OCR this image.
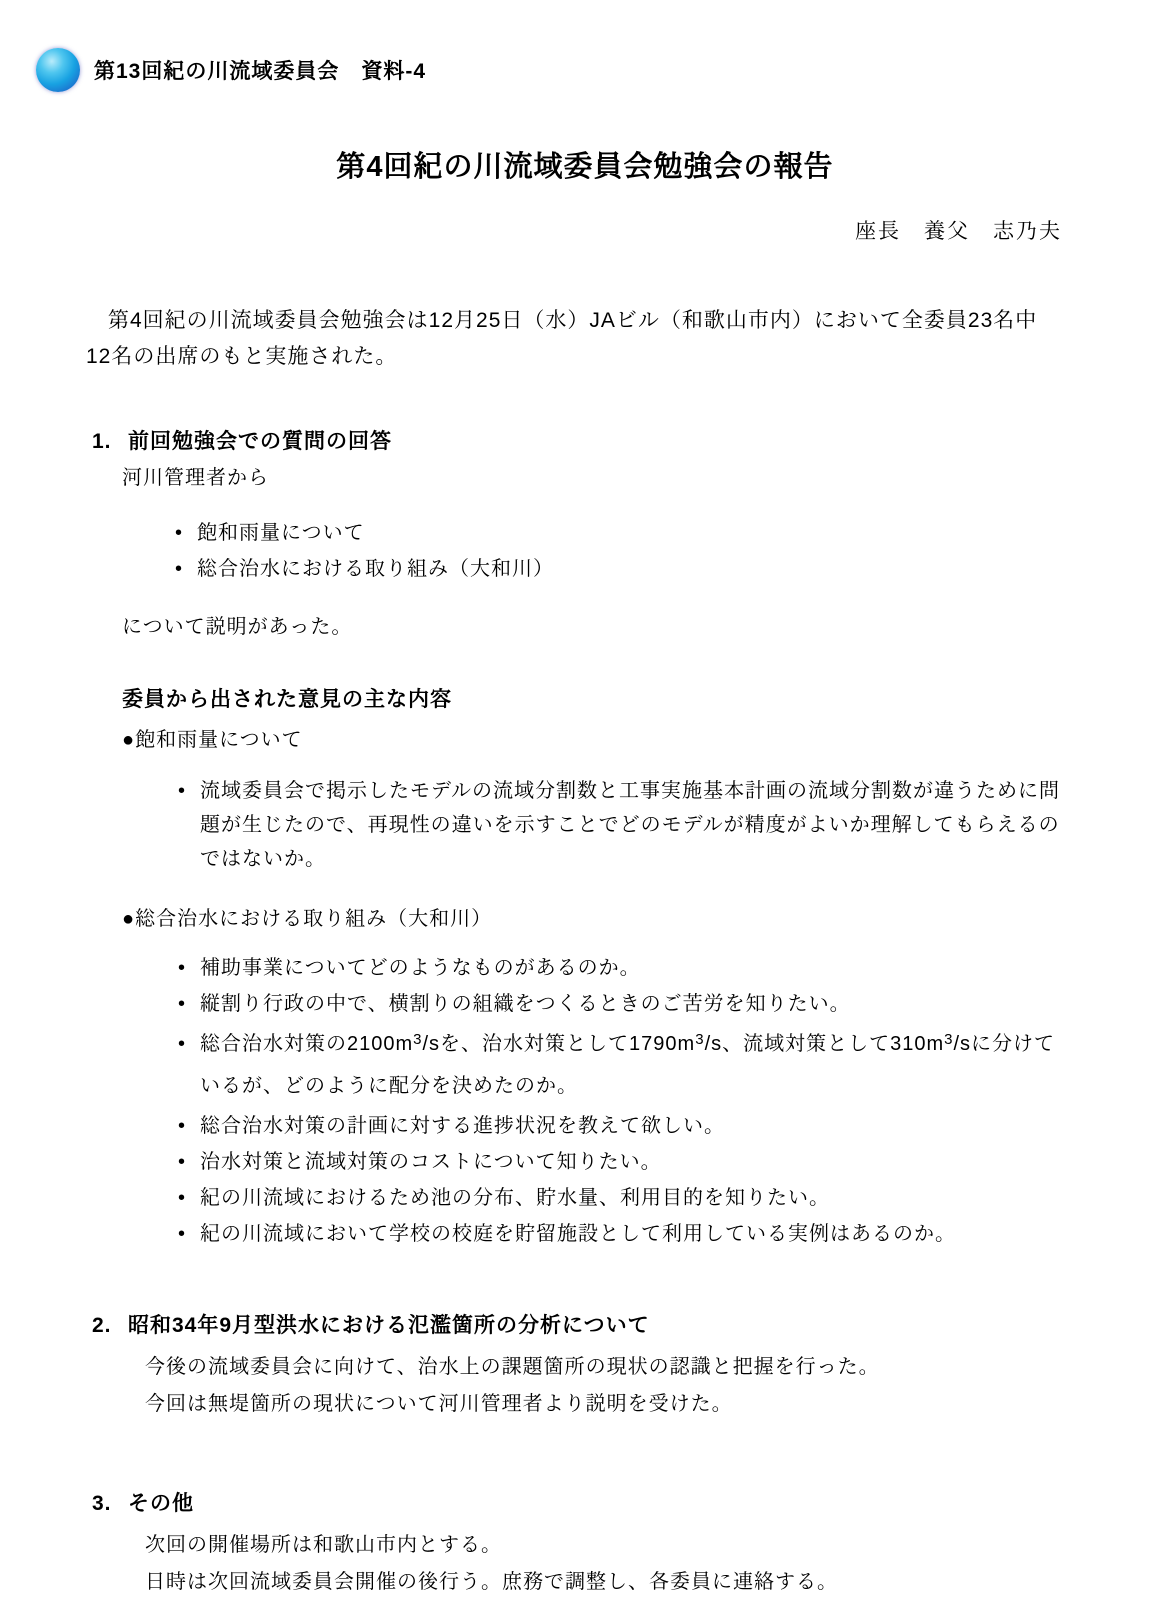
第13回紀の川流域委員会　資料-4
第4回紀の川流域委員会勉強会の報告
座長　養父　志乃夫

　第4回紀の川流域委員会勉強会は12月25日（水）JAビル（和歌山市内）において全委員23名中12名の出席のもと実施された。

1. 前回勉強会での質問の回答

河川管理者から

• 飽和雨量について
• 総合治水における取り組み（大和川）

について説明があった。

委員から出された意見の主な内容

●飽和雨量について

• 流域委員会で掲示したモデルの流域分割数と工事実施基本計画の流域分割数が違うために問題が生じたので、再現性の違いを示すことでどのモデルが精度がよいか理解してもらえるのではないか。

●総合治水における取り組み（大和川）

• 補助事業についてどのようなものがあるのか。
• 縦割り行政の中で、横割りの組織をつくるときのご苦労を知りたい。
• 総合治水対策の$2100m^3/s$を、治水対策として$1790m^3/s$、流域対策として$310m^3/s$に分けているが、どのように配分を決めたのか。
• 総合治水対策の計画に対する進捗状況を教えて欲しい。
• 治水対策と流域対策のコストについて知りたい。
• 紀の川流域におけるため池の分布、貯水量、利用目的を知りたい。
• 紀の川流域において学校の校庭を貯留施設として利用している実例はあるのか。
2. 昭和34年9月型洪水における氾濫箇所の分析について

今後の流域委員会に向けて、治水上の課題箇所の現状の認識と把握を行った。

今回は無堤箇所の現状について河川管理者より説明を受けた。

3. その他

次回の開催場所は和歌山市内とする。

日時は次回流域委員会開催の後行う。庶務で調整し、各委員に連絡する。
